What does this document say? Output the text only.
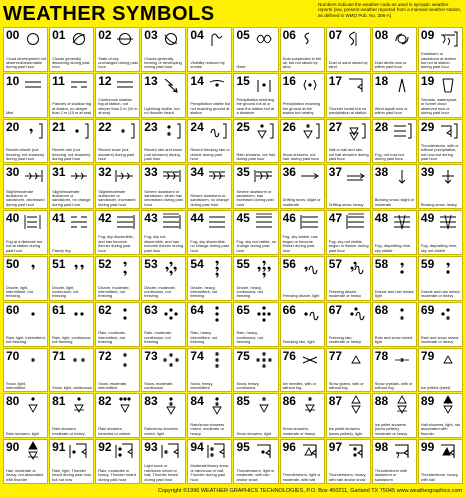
WEATHER SYMBOLS	Numbers indicate the weather code as used in synoptic weather reports (ww, present weather reported from a manned weather station, as defined in WMO Pub. No. 306-A)
00
Cloud development not observed/observable during past hour
01
Clouds generally dissolving during past hour
02
State of sky unchanged during past hour
03
Clouds generally forming or developing during past hour
04
Visibility reduced by smoke
05
Haze
06
Dust suspended in the air, but not raised by wind
07
Dust or sand raised by wind
08
Dust devils now or within past hour
09
Duststorm or sandstorm at station but not at station during past hour
10
Mist
11
Patches of shallow fog at station, no deeper than 2 m (10 m at sea)
12
Continuous shallow fog at station, not deeper than 2 m (10 m at sea)
13
Lightning visible, but no thunder heard
14
Precipitation visible but not reaching ground at station
15
Precipitation reaching the ground not at or near the station but at a distance
16
Precipitation reaching the ground at the station but nearby
17
Thunder heard but no precipitation at station
18
Wind squall now or within past hour
19
Tornado, waterspout, or funnel cloud observed now or during past hour
20
Recent drizzle (not freezing, not showers) during past hour
21
Recent rain (not freezing, not showers) during past hour
22
Recent snow (not showers) during past hour
23
Recent rain and snow (not showers) during past hour
24
Recent freezing rain or drizzle during past hour
25
Rain showers, not hail, during past hour
26
Snow showers, not hail, during past hour
27
Hail or hail and rain, not hail showers during past hour
28
Fog, not now but during past hour
29
Thunderstorm, with or without precipitation, not now but during past hour
30
Slight/moderate duststorm or sandstorm, decreased during past hour
31
Slight/moderate duststorm or sandstorm, no change during past hour
32
Slight/moderate duststorm or sandstorm, increased during past hour
33
Severe duststorm or sandstorm, which has decreased during past hour
34
Severe duststorm or sandstorm, no change during past hour
35
Severe duststorm or sandstorm, has increased during past hour
36
Drifting snow, slight or moderate
37
Drifting snow, heavy
38
Blowing snow, slight or moderate
39
Blowing snow, heavy
40
Fog at a distance but not at station during past hour
41
Patchy fog
42
Fog, sky discernible, and has become thinner during past hour
43
Fog, sky not discernible, and has become thinner during past hour
44
Fog, sky discernible, no change during past hour
45
Fog, sky not visible, no change during past hour
46
Fog, sky visible, has begun or become thicker during past hour
47
Fog, sky not visible, begun or thicker during past hour
48
Fog, depositing rime, sky visible
49
Fog, depositing rime, sky not visible
50
Drizzle, light, intermittent, not freezing
51
Drizzle, light, continuous, not freezing
52
Drizzle, moderate, intermittent, not freezing
53
Drizzle, moderate, continuous, not freezing
54
Drizzle, heavy, intermittent, not freezing
55
Drizzle, heavy, continuous, not freezing
56
Freezing drizzle, light
57
Freezing drizzle, moderate or heavy
58
Drizzle and rain mixed, light
59
Drizzle and rain mixed, moderate or heavy
60
Rain, light, intermittent, not freezing
61
Rain, light, continuous, not freezing
62
Rain, moderate, intermittent, not freezing
63
Rain, moderate, continuous, not freezing
64
Rain, heavy, intermittent, not freezing
65
Rain, heavy, continuous, not freezing
66
Freezing rain, light
67
Freezing rain, moderate or heavy
68
Rain and snow mixed, light
69
Rain and snow mixed, moderate or heavy
70
Snow, light, intermittent
71
Snow, light, continuous
72
Snow, moderate, intermittent
73
Snow, moderate, continuous
74
Snow, heavy, intermittent
75
Snow, heavy, continuous
76
Ice needles, with or without fog
77
Snow grains, with or without fog
78
Snow crystals, with or without fog
79
Ice pellets (sleet)
80
Rain showers, light
81
Rain showers, moderate or heavy
82
Rain showers, torrential or violent
83
Rain/snow showers mixed, light
84
Rain/snow showers mixed, moderate or heavy
85
Snow showers, light
86
Snow showers, moderate or heavy
87
Ice pellet showers (snow pellets), light
88
Ice pellet showers (snow pellets), moderate or heavy
89
Hail showers, light, not associated with thunder
90
Hail, moderate or heavy, not associated with thunder
91
Rain, light, Thunder heard during past hour but not now
92
Rain, moderate or heavy, Thunder heard during past hour
93
Light snow or rain/snow mixed or hail, Thunder heard during past hour
94
Moderate/heavy snow or rain/snow or hail, Thunder during past hour
95
Thunderstorm, light or moderate, with rain and/or snow
96
Thunderstorm, light or moderate, with hail
97
Thunderstorm, heavy, with rain and/or snow
98
Thunderstorm with duststorm or sandstorm
99
Thunderstorm, heavy, with hail
Copyright ©1996 WEATHER GRAPHICS TECHNOLOGIES, P.O. Box 450211, Garland TX 75045 www.weathergraphics.com
